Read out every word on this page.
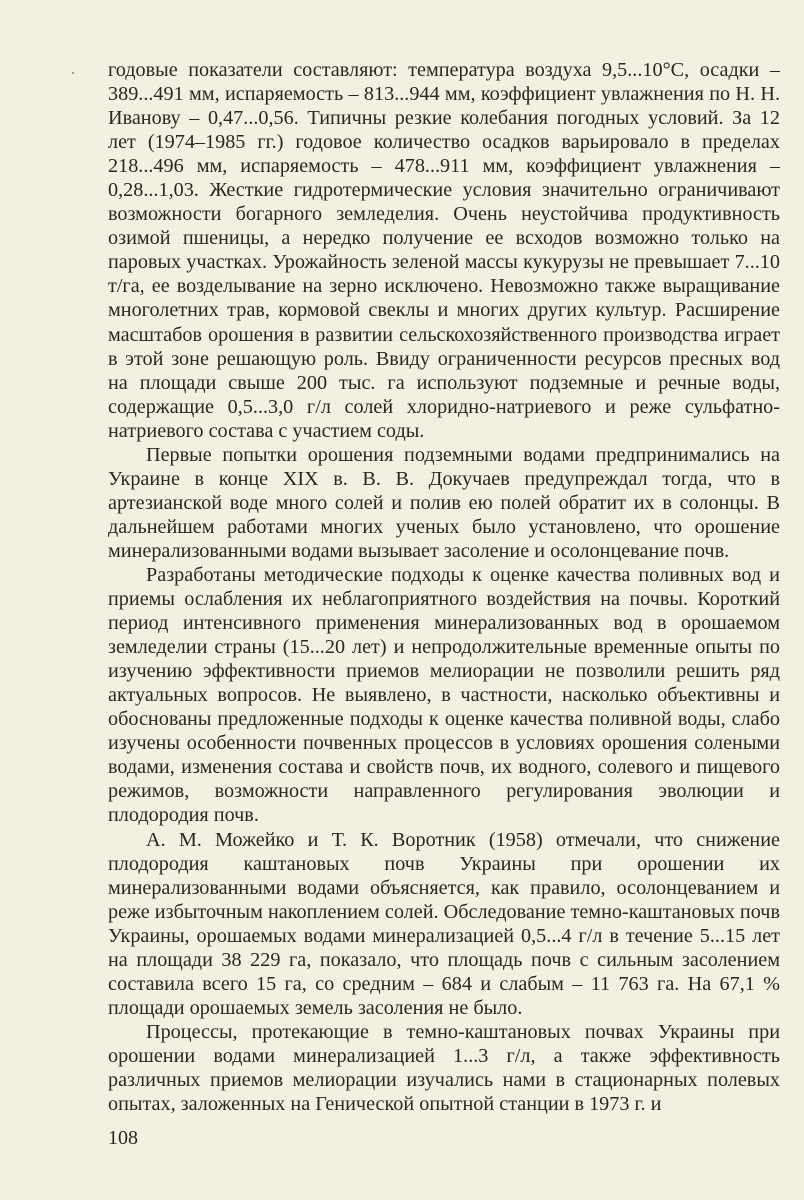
годовые показатели составляют: температура воздуха 9,5...10°С, осадки – 389...491 мм, испаряемость – 813...944 мм, коэффициент увлажнения по Н. Н. Иванову – 0,47...0,56. Типичны резкие колебания погодных условий. За 12 лет (1974–1985 гг.) годовое количество осадков варьировало в пределах 218...496 мм, испаряемость – 478...911 мм, коэффициент увлажнения – 0,28...1,03. Жесткие гидротермические условия значительно ограничивают возможности богарного земледелия. Очень неустойчива продуктивность озимой пшеницы, а нередко получение ее всходов возможно только на паровых участках. Урожайность зеленой массы кукурузы не превышает 7...10 т/га, ее возделывание на зерно исключено. Невозможно также выращивание многолетних трав, кормовой свеклы и многих других культур. Расширение масштабов орошения в развитии сельскохозяйственного производства играет в этой зоне решающую роль. Ввиду ограниченности ресурсов пресных вод на площади свыше 200 тыс. га используют подземные и речные воды, содержащие 0,5...3,0 г/л солей хлоридно-натриевого и реже сульфатно-натриевого состава с участием соды.

Первые попытки орошения подземными водами предпринимались на Украине в конце XIX в. В. В. Докучаев предупреждал тогда, что в артезианской воде много солей и полив ею полей обратит их в солонцы. В дальнейшем работами многих ученых было установлено, что орошение минерализованными водами вызывает засоление и осолонцевание почв.

Разработаны методические подходы к оценке качества поливных вод и приемы ослабления их неблагоприятного воздействия на почвы. Короткий период интенсивного применения минерализованных вод в орошаемом земледелии страны (15...20 лет) и непродолжительные временные опыты по изучению эффективности приемов мелиорации не позволили решить ряд актуальных вопросов. Не выявлено, в частности, насколько объективны и обоснованы предложенные подходы к оценке качества поливной воды, слабо изучены особенности почвенных процессов в условиях орошения солеными водами, изменения состава и свойств почв, их водного, солевого и пищевого режимов, возможности направленного регулирования эволюции и плодородия почв.

А. М. Можейко и Т. К. Воротник (1958) отмечали, что снижение плодородия каштановых почв Украины при орошении их минерализованными водами объясняется, как правило, осолонцеванием и реже избыточным накоплением солей. Обследование темно-каштановых почв Украины, орошаемых водами минерализацией 0,5...4 г/л в течение 5...15 лет на площади 38 229 га, показало, что площадь почв с сильным засолением составила всего 15 га, со средним – 684 и слабым – 11 763 га. На 67,1 % площади орошаемых земель засоления не было.

Процессы, протекающие в темно-каштановых почвах Украины при орошении водами минерализацией 1...3 г/л, а также эффективность различных приемов мелиорации изучались нами в стационарных полевых опытах, заложенных на Генической опытной станции в 1973 г. и

108
